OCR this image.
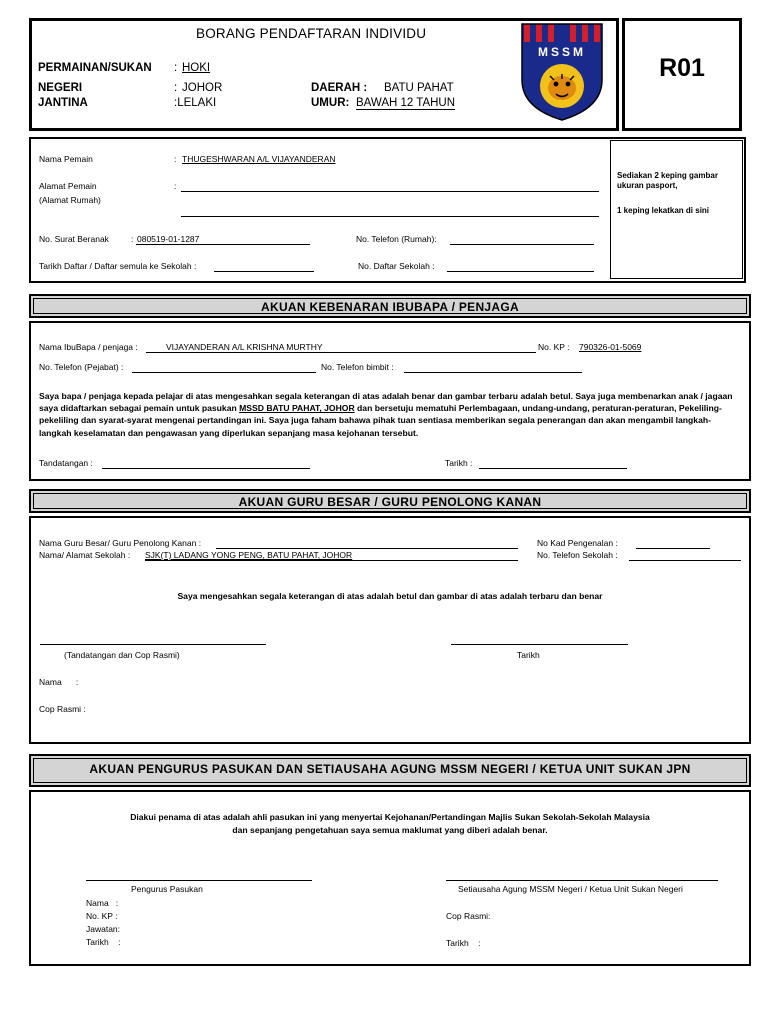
R01
BORANG PENDAFTARAN INDIVIDU
PERMAINAN/SUKAN : HOKI
NEGERI	: JOHOR	DAERAH : BATU PAHAT
JANTINA	:LELAKI	UMUR: BAWAH 12 TAHUN
MSSM
Sediakan 2 keping gambar ukuran pasport,
1 keping lekatkan di sini
Nama Pemain	: THUGESHWARAN A/L VIJAYANDERAN
Alamat Pemain
(Alamat Rumah)
:
No. Surat Beranak	: 080519-01-1287	No. Telefon (Rumah):
Tarikh Daftar / Daftar semula ke Sekolah :	No. Daftar Sekolah :
AKUAN KEBENARAN IBUBAPA / PENJAGA
Nama IbuBapa / penjaga :	VIJAYANDERAN A/L KRISHNA MURTHY	No. KP : 790326-01-5069
No. Telefon (Pejabat) :	No. Telefon bimbit :
Saya bapa / penjaga kepada pelajar di atas mengesahkan segala keterangan di atas adalah benar dan gambar terbaru adalah betul. Saya juga membenarkan anak / jagaan saya didaftarkan sebagai pemain untuk pasukan MSSD BATU PAHAT, JOHOR dan bersetuju mematuhi Perlembagaan, undang-undang, peraturan-peraturan, Pekeliling-pekeliling dan syarat-syarat mengenai pertandingan ini. Saya juga faham bahawa pihak tuan sentiasa memberikan segala penerangan dan akan mengambil langkah-langkah keselamatan dan pengawasan yang diperlukan sepanjang masa kejohanan tersebut.
Tandatangan :	Tarikh :
AKUAN GURU BESAR / GURU PENOLONG KANAN
Nama Guru Besar/ Guru Penolong Kanan :	No Kad Pengenalan :
Nama/ Alamat Sekolah : SJK(T) LADANG YONG PENG, BATU PAHAT, JOHOR	No. Telefon Sekolah :
Saya mengesahkan segala keterangan di atas adalah betul dan gambar di atas adalah terbaru dan benar
(Tandatangan dan Cop Rasmi)	Tarikh
Nama      :
Cop Rasmi :
AKUAN PENGURUS PASUKAN DAN SETIAUSAHA AGUNG MSSM NEGERI / KETUA UNIT SUKAN JPN
Diakui penama di atas adalah ahli pasukan ini yang menyertai Kejohanan/Pertandingan Majlis Sukan Sekolah-Sekolah Malaysia
dan sepanjang pengetahuan saya semua maklumat yang diberi adalah benar.
Pengurus Pasukan	Setiausaha Agung MSSM Negeri / Ketua Unit Sukan Negeri
Nama   :
No. KP :
Jawatan:
Tarikh    :
Cop Rasmi:
Tarikh    :
